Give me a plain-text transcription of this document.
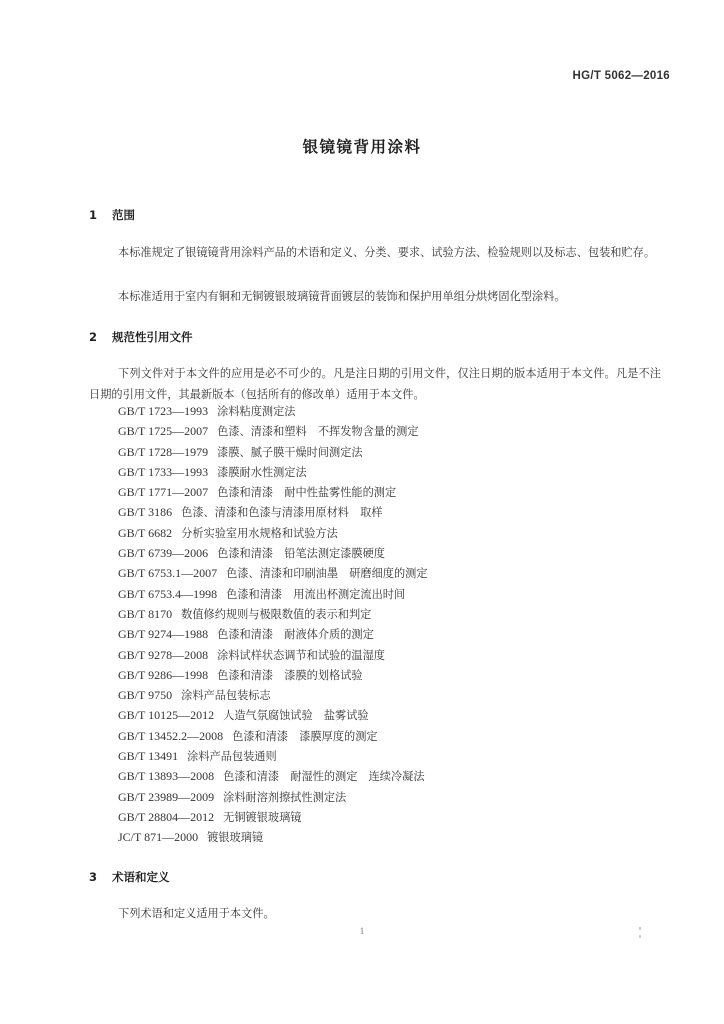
HG/T 5062—2016
银镜镜背用涂料
1 范围
本标准规定了银镜镜背用涂料产品的术语和定义、分类、要求、试验方法、检验规则以及标志、包装和贮存。
本标准适用于室内有铜和无铜镀银玻璃镜背面镀层的装饰和保护用单组分烘烤固化型涂料。
2 规范性引用文件
下列文件对于本文件的应用是必不可少的。凡是注日期的引用文件，仅注日期的版本适用于本文件。凡是不注日期的引用文件，其最新版本（包括所有的修改单）适用于本文件。
GB/T 1723—1993 涂料粘度测定法
GB/T 1725—2007 色漆、清漆和塑料　不挥发物含量的测定
GB/T 1728—1979 漆膜、腻子膜干燥时间测定法
GB/T 1733—1993 漆膜耐水性测定法
GB/T 1771—2007 色漆和清漆　耐中性盐雾性能的测定
GB/T 3186 色漆、清漆和色漆与清漆用原材料　取样
GB/T 6682 分析实验室用水规格和试验方法
GB/T 6739—2006 色漆和清漆　铅笔法测定漆膜硬度
GB/T 6753.1—2007 色漆、清漆和印刷油墨　研磨细度的测定
GB/T 6753.4—1998 色漆和清漆　用流出杯测定流出时间
GB/T 8170 数值修约规则与极限数值的表示和判定
GB/T 9274—1988 色漆和清漆　耐液体介质的测定
GB/T 9278—2008 涂料试样状态调节和试验的温湿度
GB/T 9286—1998 色漆和清漆　漆膜的划格试验
GB/T 9750 涂料产品包装标志
GB/T 10125—2012 人造气氛腐蚀试验　盐雾试验
GB/T 13452.2—2008 色漆和清漆　漆膜厚度的测定
GB/T 13491 涂料产品包装通则
GB/T 13893—2008 色漆和清漆　耐湿性的测定　连续冷凝法
GB/T 23989—2009 涂料耐溶剂擦拭性测定法
GB/T 28804—2012 无铜镀银玻璃镜
JC/T 871—2000 镀银玻璃镜
3 术语和定义
下列术语和定义适用于本文件。
1
